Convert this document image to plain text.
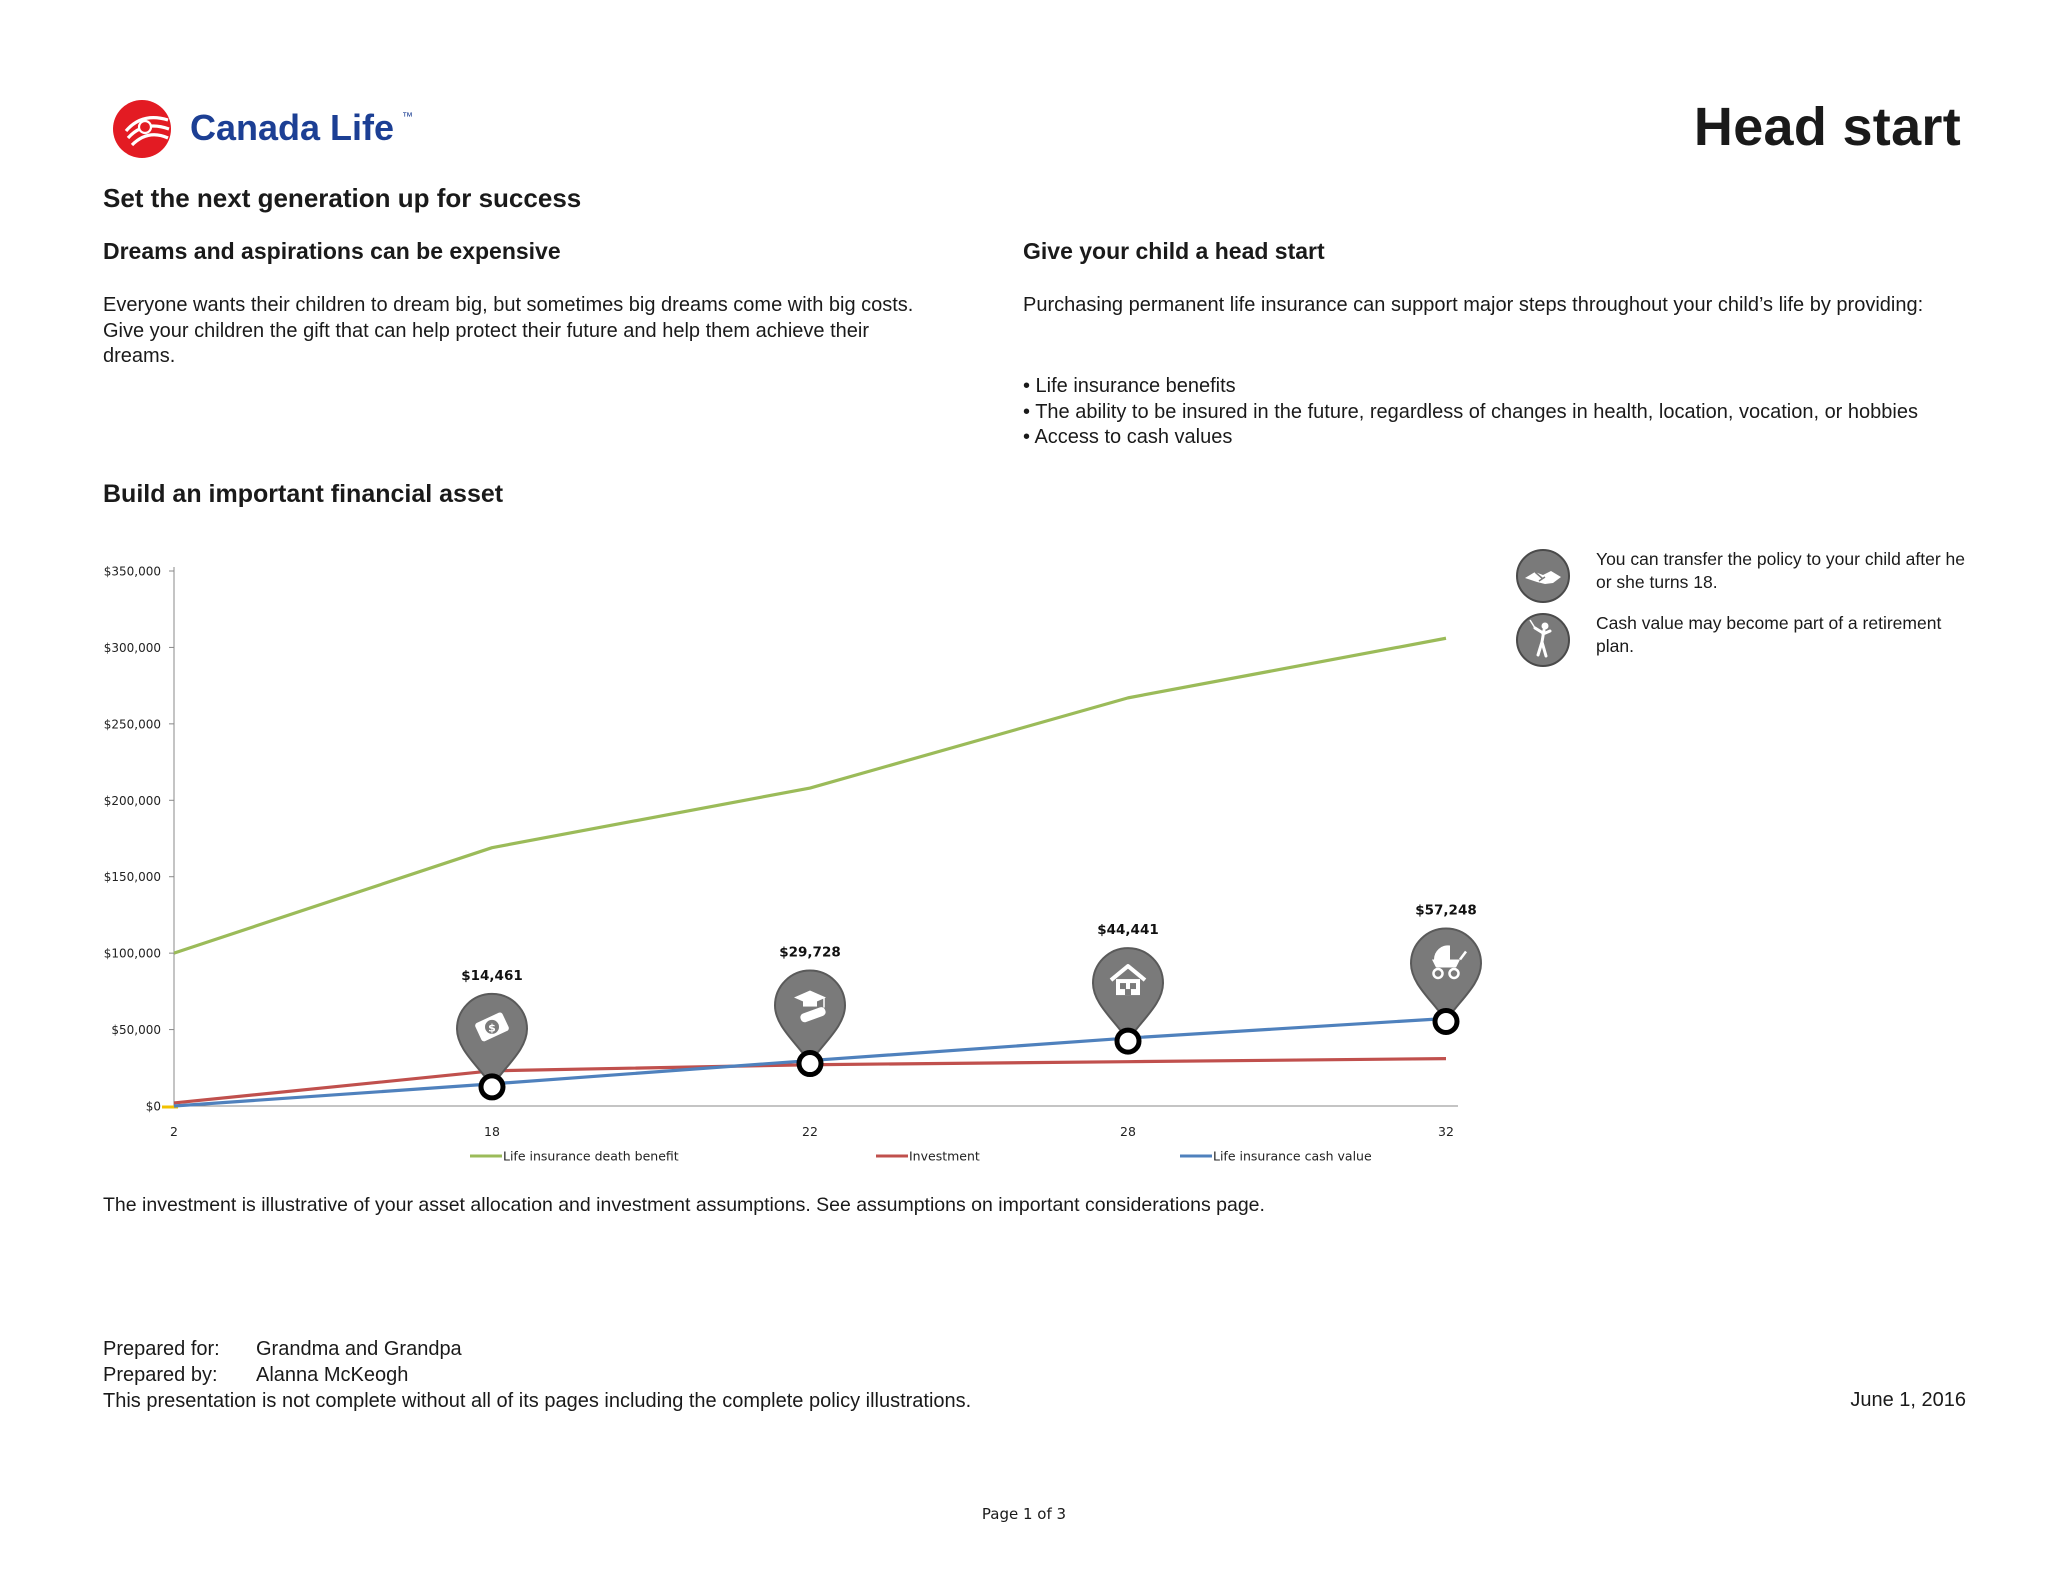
Canada Life ™	Head start
Set the next generation up for success
Dreams and aspirations can be expensive
Everyone wants their children to dream big, but sometimes big dreams come with big costs. Give your children the gift that can help protect their future and help them achieve their dreams.
Give your child a head start
Purchasing permanent life insurance can support major steps throughout your child’s life by providing:
• Life insurance benefits
• The ability to be insured in the future, regardless of changes in health, location, vocation, or hobbies
• Access to cash values
Build an important financial asset
$0
$50,000
$100,000
$150,000
$200,000
$250,000
$300,000
$350,000
2	18	22	28	32
$
$14,461
$29,728
$44,441
$57,248
Life insurance death benefit	Investment	Life insurance cash value
You can transfer the policy to your child after he or she turns 18.
Cash value may become part of a retirement plan.
The investment is illustrative of your asset allocation and investment assumptions. See assumptions on important considerations page.
Prepared for: Grandma and Grandpa
Prepared by: Alanna McKeogh
This presentation is not complete without all of its pages including the complete policy illustrations.	June 1, 2016
Page 1 of 3
